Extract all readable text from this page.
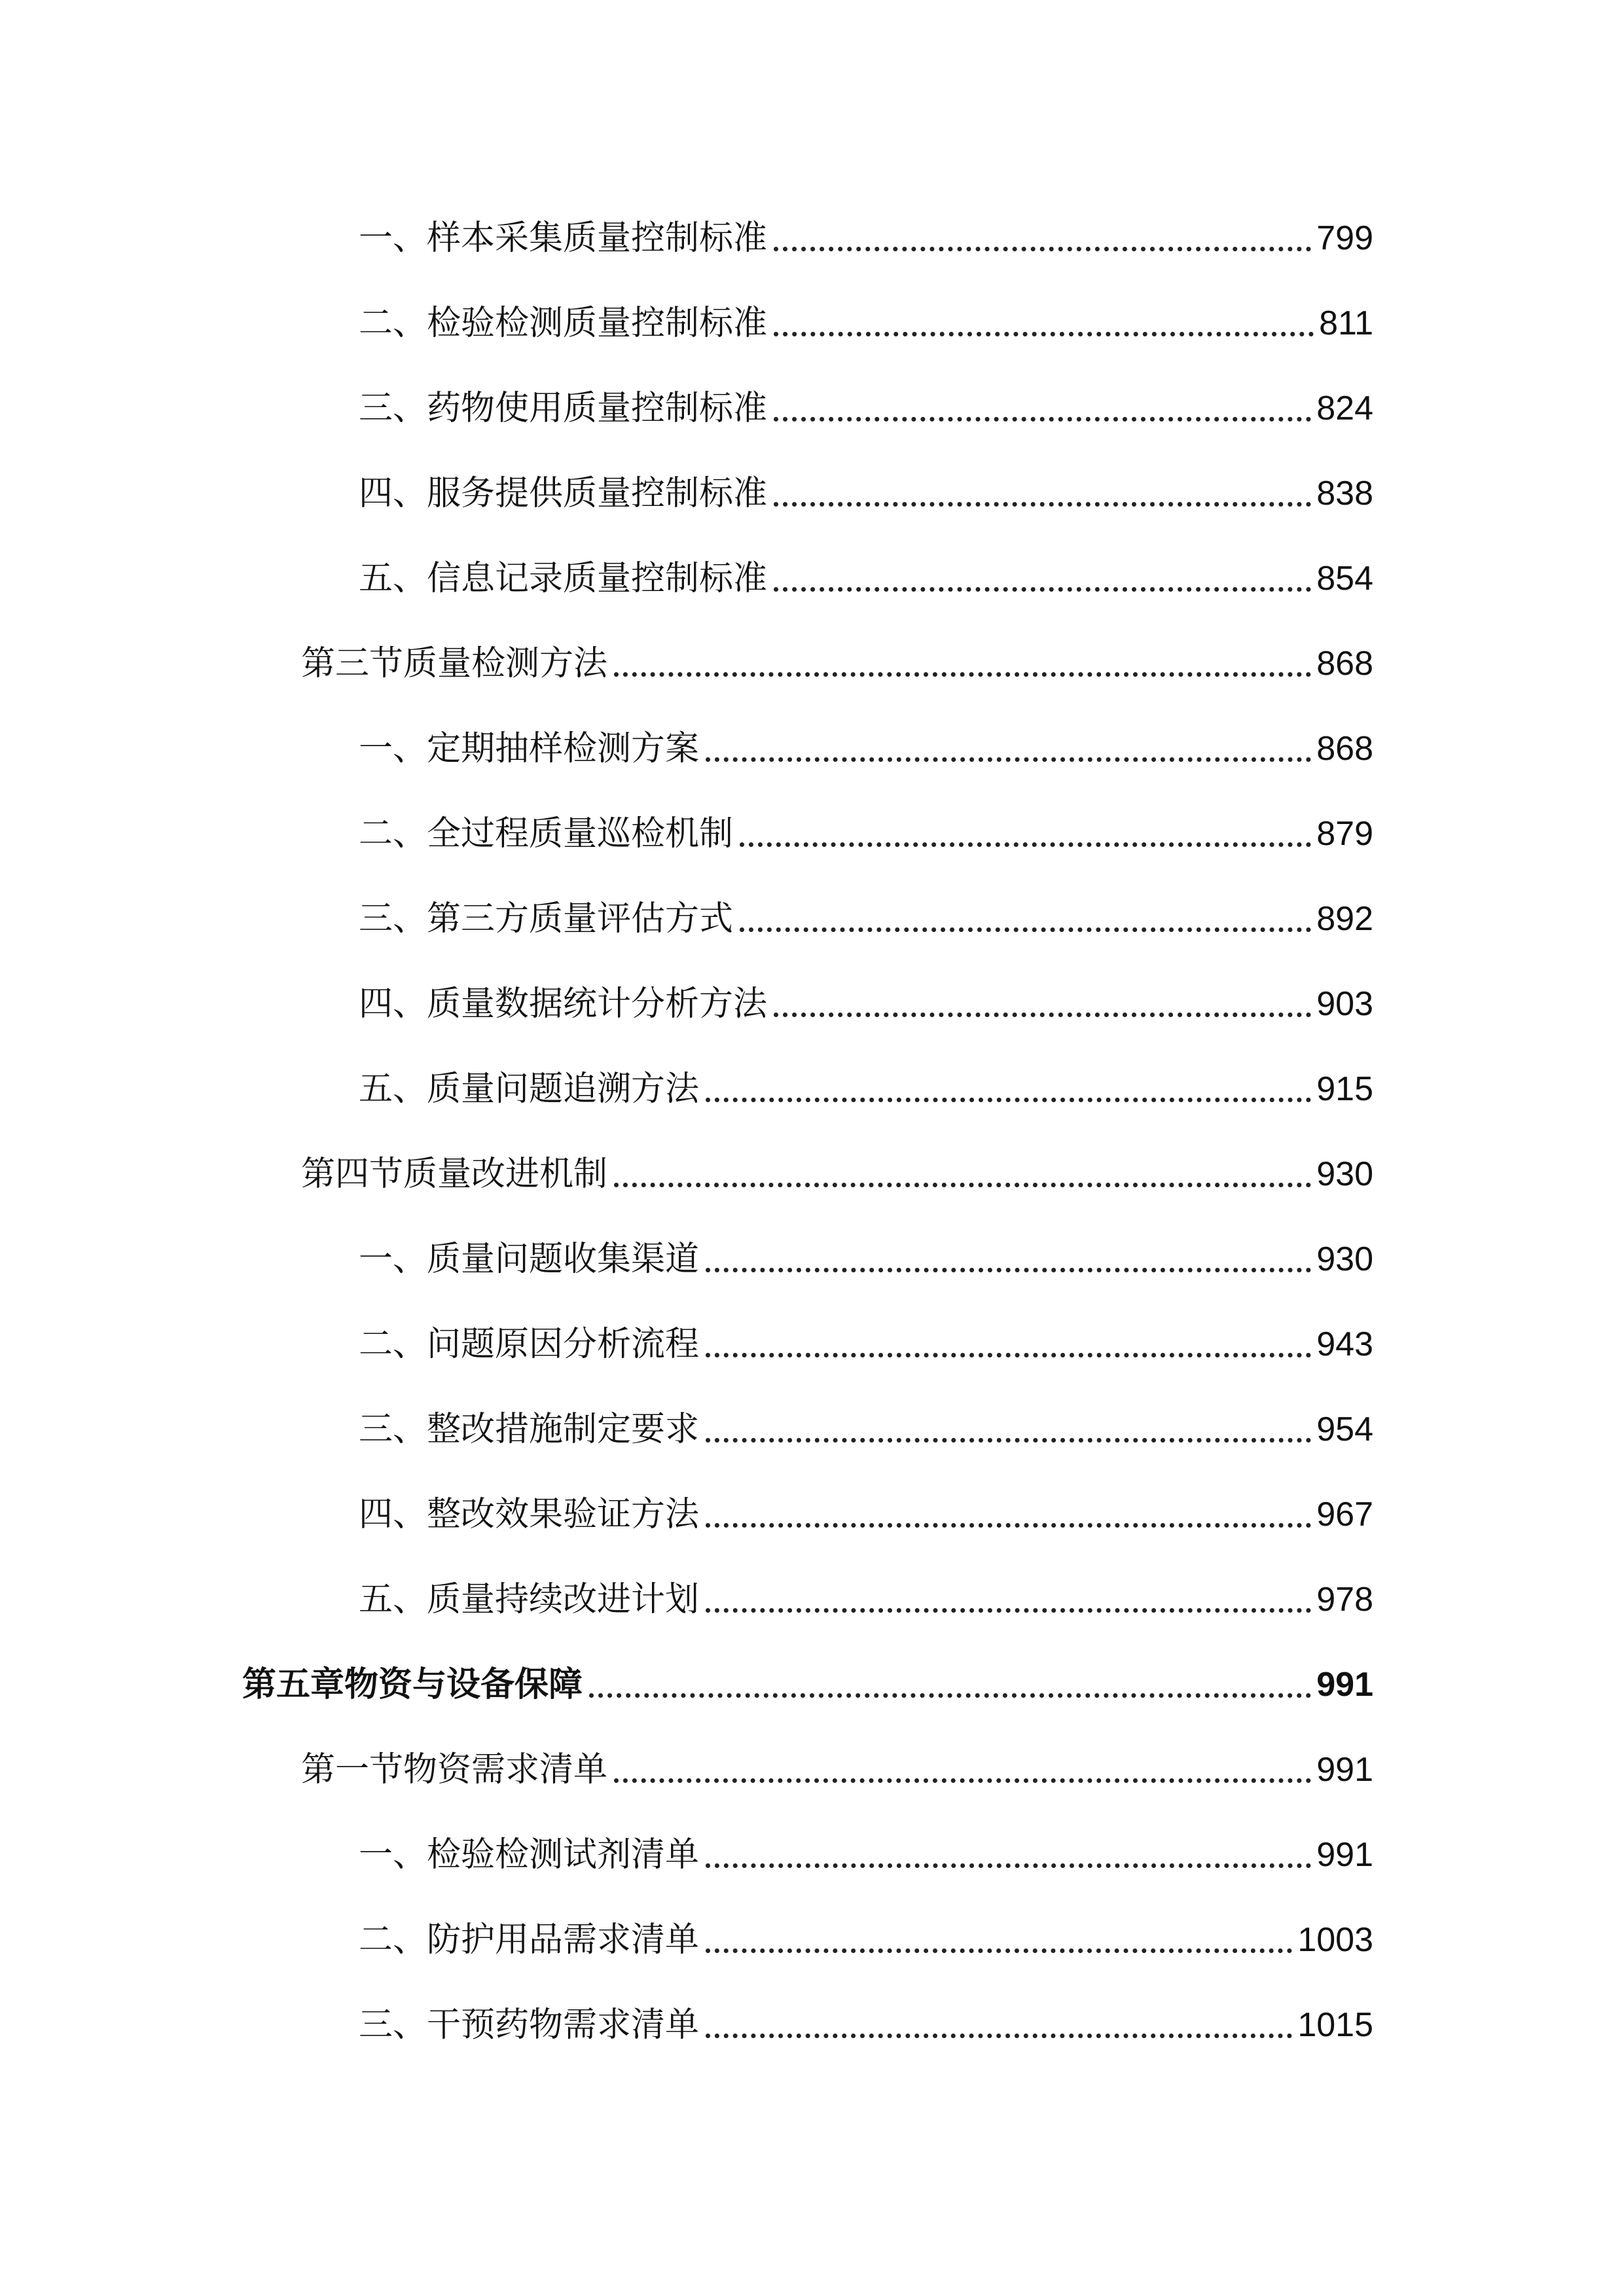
一、样本采集质量控制标准	799
二、检验检测质量控制标准	811
三、药物使用质量控制标准	824
四、服务提供质量控制标准	838
五、信息记录质量控制标准	854
第三节质量检测方法	868
一、定期抽样检测方案	868
二、全过程质量巡检机制	879
三、第三方质量评估方式	892
四、质量数据统计分析方法	903
五、质量问题追溯方法	915
第四节质量改进机制	930
一、质量问题收集渠道	930
二、问题原因分析流程	943
三、整改措施制定要求	954
四、整改效果验证方法	967
五、质量持续改进计划	978
第五章物资与设备保障	991
第一节物资需求清单	991
一、检验检测试剂清单	991
二、防护用品需求清单	1003
三、干预药物需求清单	1015
